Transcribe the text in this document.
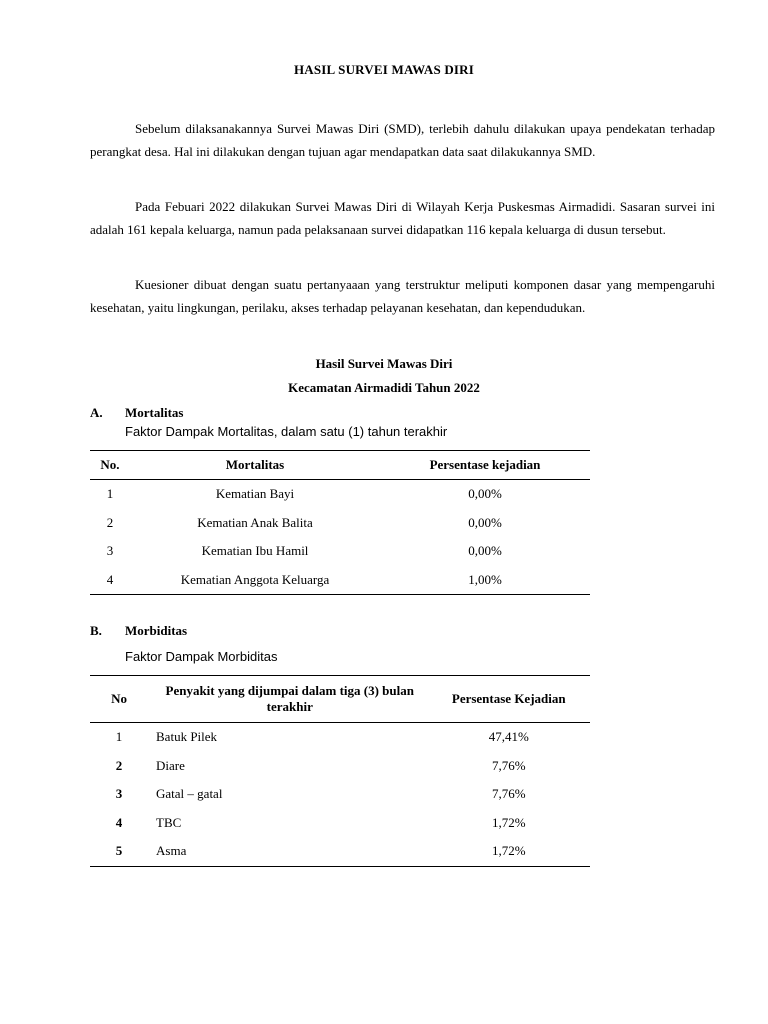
HASIL SURVEI MAWAS DIRI
Sebelum dilaksanakannya Survei Mawas Diri (SMD), terlebih dahulu dilakukan upaya pendekatan terhadap perangkat desa. Hal ini dilakukan dengan tujuan agar mendapatkan data saat dilakukannya SMD.
Pada Febuari 2022 dilakukan Survei Mawas Diri di Wilayah Kerja Puskesmas Airmadidi. Sasaran survei ini adalah 161 kepala keluarga, namun pada pelaksanaan survei didapatkan 116 kepala keluarga di dusun tersebut.
Kuesioner dibuat dengan suatu pertanyaaan yang terstruktur meliputi komponen dasar yang mempengaruhi kesehatan, yaitu lingkungan, perilaku, akses terhadap pelayanan kesehatan, dan kependudukan.
Hasil Survei Mawas Diri
Kecamatan Airmadidi Tahun 2022
A. Mortalitas
Faktor Dampak Mortalitas, dalam satu (1) tahun terakhir
No.	Mortalitas	Persentase kejadian
1	Kematian Bayi	0,00%
2	Kematian Anak Balita	0,00%
3	Kematian Ibu Hamil	0,00%
4	Kematian Anggota Keluarga	1,00%
B. Morbiditas
Faktor Dampak Morbiditas
No	Penyakit yang dijumpai dalam tiga (3) bulan terakhir	Persentase Kejadian
1	Batuk Pilek	47,41%
2	Diare	7,76%
3	Gatal – gatal	7,76%
4	TBC	1,72%
5	Asma	1,72%
